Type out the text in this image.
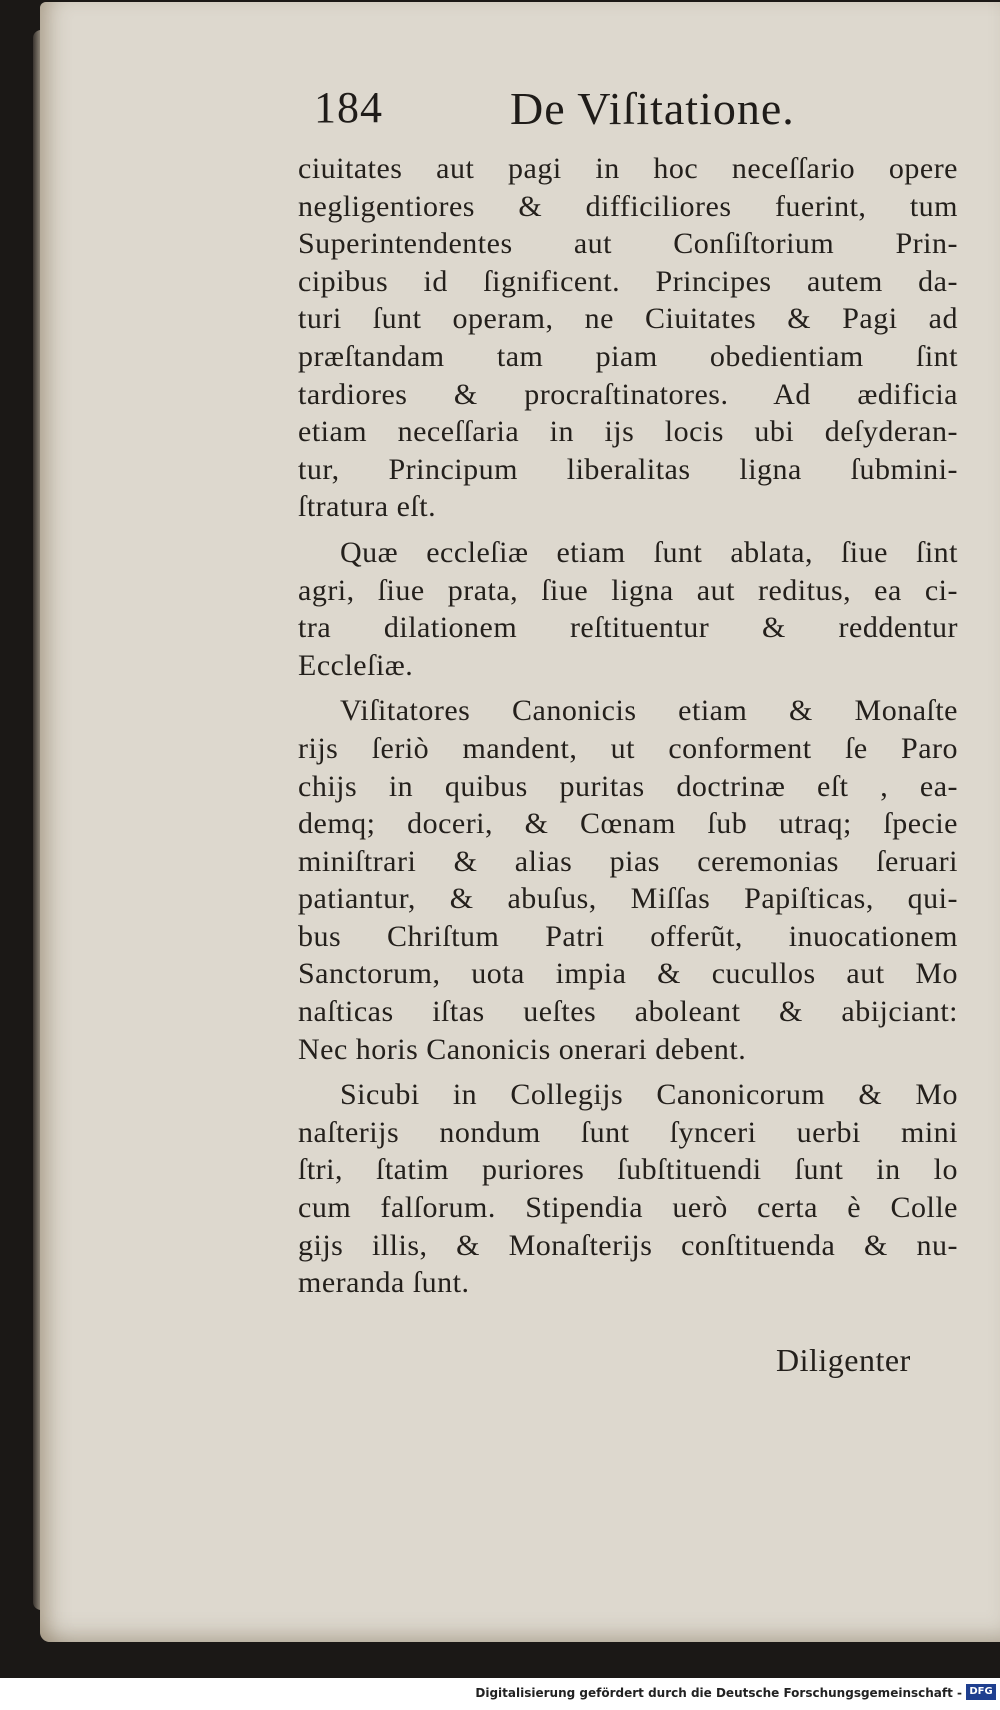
184	De Viſitatione.
ciuitates aut pagi in hoc neceſſario opere
negligentiores & difficiliores fuerint, tum
Superintendentes aut Conſiſtorium Prin-
cipibus id ſignificent. Principes autem da-
turi ſunt operam, ne Ciuitates & Pagi ad
præſtandam tam piam obedientiam ſint
tardiores & procraſtinatores. Ad ædificia
etiam neceſſaria in ijs locis ubi deſyderan-
tur, Principum liberalitas ligna ſubmini-
ſtratura eſt.
Quæ eccleſiæ etiam ſunt ablata, ſiue ſint
agri, ſiue prata, ſiue ligna aut reditus, ea ci-
tra dilationem reſtituentur & reddentur
Eccleſiæ.
Viſitatores Canonicis etiam & Monaſte
rijs ſeriò mandent, ut conforment ſe Paro
chijs in quibus puritas doctrinæ eſt , ea-
demq; doceri, & Cœnam ſub utraq; ſpecie
miniſtrari & alias pias ceremonias ſeruari
patiantur, & abuſus, Miſſas Papiſticas, qui-
bus Chriſtum Patri offerũt, inuocationem
Sanctorum, uota impia & cucullos aut Mo
naſticas iſtas ueſtes aboleant & abijciant:
Nec horis Canonicis onerari debent.
Sicubi in Collegijs Canonicorum & Mo
naſterijs nondum ſunt ſynceri uerbi mini
ſtri, ſtatim puriores ſubſtituendi ſunt in lo
cum falſorum. Stipendia uerò certa è Colle
gijs illis, & Monaſterijs conſtituenda & nu-
meranda ſunt.
Diligenter
Digitalisierung gefördert durch die Deutsche Forschungsgemeinschaft - DFG
